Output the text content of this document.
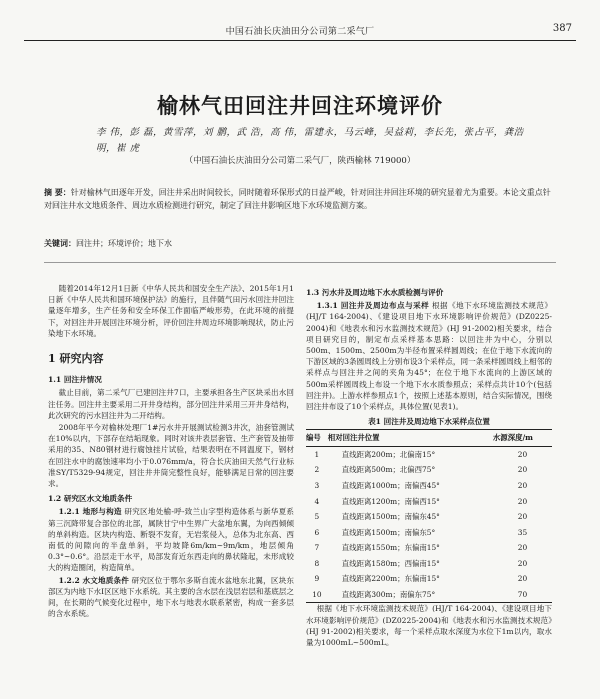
中国石油长庆油田分公司第二采气厂	387
榆林气田回注井回注环境评价
李 伟，彭 磊，黄雪萍，刘 鹏，武 浩，高 伟，雷建永，马云峰，吴益莉，李长先，张占平，龚浩明，崔 虎
（中国石油长庆油田分公司第二采气厂，陕西榆林 719000）
摘 要：针对榆林气田逐年开发，回注井采出时间较长，同时随着环保形式的日益严峻，针对回注井回注环境的研究显着尤为重要。本论文重点针对回注井水文地质条件、周边水质检测进行研究，制定了回注井影响区地下水环境监测方案。
关键词：回注井；环境评价；地下水

随着2014年12月1日新《中华人民共和国安全生产法》、2015年1月1日新《中华人民共和国环境保护法》的施行，且伴随气田污水回注井回注量逐年增多，生产任务和安全环保工作面临严峻形势，在此环境的前提下，对回注井开展回注环境分析，评价回注井周边环境影响现状，防止污染地下水环境。

1 研究内容
1.1 回注井情况

截止目前，第二采气厂已建回注井7口，主要承担各生产区块采出水回注任务。回注井主要采用二开井身结构，部分回注井采用三开井身结构，此次研究的污水回注井为二开结构。

2008年平今对榆林处理厂1#污水井开展测试检测3井次，油套管测试在10%以内，下部存在结垢现象。同时对该井表层套管、生产套管及抽带采用的35、N80钢材进行腐蚀挂片试验，结果表明在不同温度下，钢材在回注水中的腐蚀速率均小于0.076mm/a，符合长庆油田天然气行业标准SY/T5329-94规定，回注井井筒完整性良好，能够满足日常的回注要求。

1.2 研究区水文地质条件

1.2.1 地形与构造 研究区地处榆-呼-致兰山字型构造体系与新华夏系第三沉降带复合部位的北部，属陕甘宁中生界广大盆地东翼，为向西倾倾的单斜构造。区块内构造、断裂不发育，无岩浆侵入，总体为北东高、西南低的间隙向的半盘单斜，平均坡降6m/km~9m/km，地层倾角0.3°~0.6°。沿层走干水平，局部发育近东西走向的鼻状隆起，未形成较大的构造圈闭，构造简单。

1.2.2 水文地质条件 研究区位于鄂尔多斯自流水盆地东北翼，区块东部区为内地下水I区区地下水系统。其主要的含水层在浅层岩层和基底层之间，在长期的气候变化过程中，地下水与地表水联系紧密，构成一套多层的含水系统。

1.3 污水井及周边地下水水质检测与评价

1.3.1 回注井及周边布点与采样 根据《地下水环境监测技术规范》(HJ/T 164-2004)、《建设项目地下水环境影响评价规范》(DZ0225-2004)和《地表水和污水监测技术规范》(HJ 91-2002)相关要求，结合项目研究目的，制定布点采样基本思路：以回注井为中心，分别以500m、1500m、2500m为半径布置采样圆周线；在位于地下水流向的下游区域的3条圆周线上分别布设3个采样点，同一条采样圆周线上相邻的采样点与回注井之间的夹角为45°；在位于地下水流向的上游区域的500m采样圆周线上布设一个地下水水质参照点；采样点共计10个(包括回注井)。上游水样参照点1个，按照上述基本原则，结合实际情况，围绕回注井布设了10个采样点，具体位置(见表1)。

表1 回注井及周边地下水采样点位置
编号	相对回注井位置	水源深度/m
1	直线距离200m；北偏南15°	20
2	直线距离500m；北偏西75°	20
3	直线距离1000m；南偏西45°	20
4	直线距离1200m；南偏西15°	20
5	直线距离1500m；南偏东45°	20
6	直线距离1500m；南偏东5°	35
7	直线距离1550m；东偏南15°	20
8	直线距离1580m；西偏南15°	20
9	直线距离2200m；东偏南15°	20
10	直线距离300m；南偏东75°	70

根据《地下水环境监测技术规范》(HJ/T 164-2004)、《建设项目地下水环境影响评价规范》(DZ0225-2004)和《地表水和污水监测技术规范》(HJ 91-2002)相关要求，每一个采样点取水深度为水位下1m以内，取水量为1000mL~500mL。
